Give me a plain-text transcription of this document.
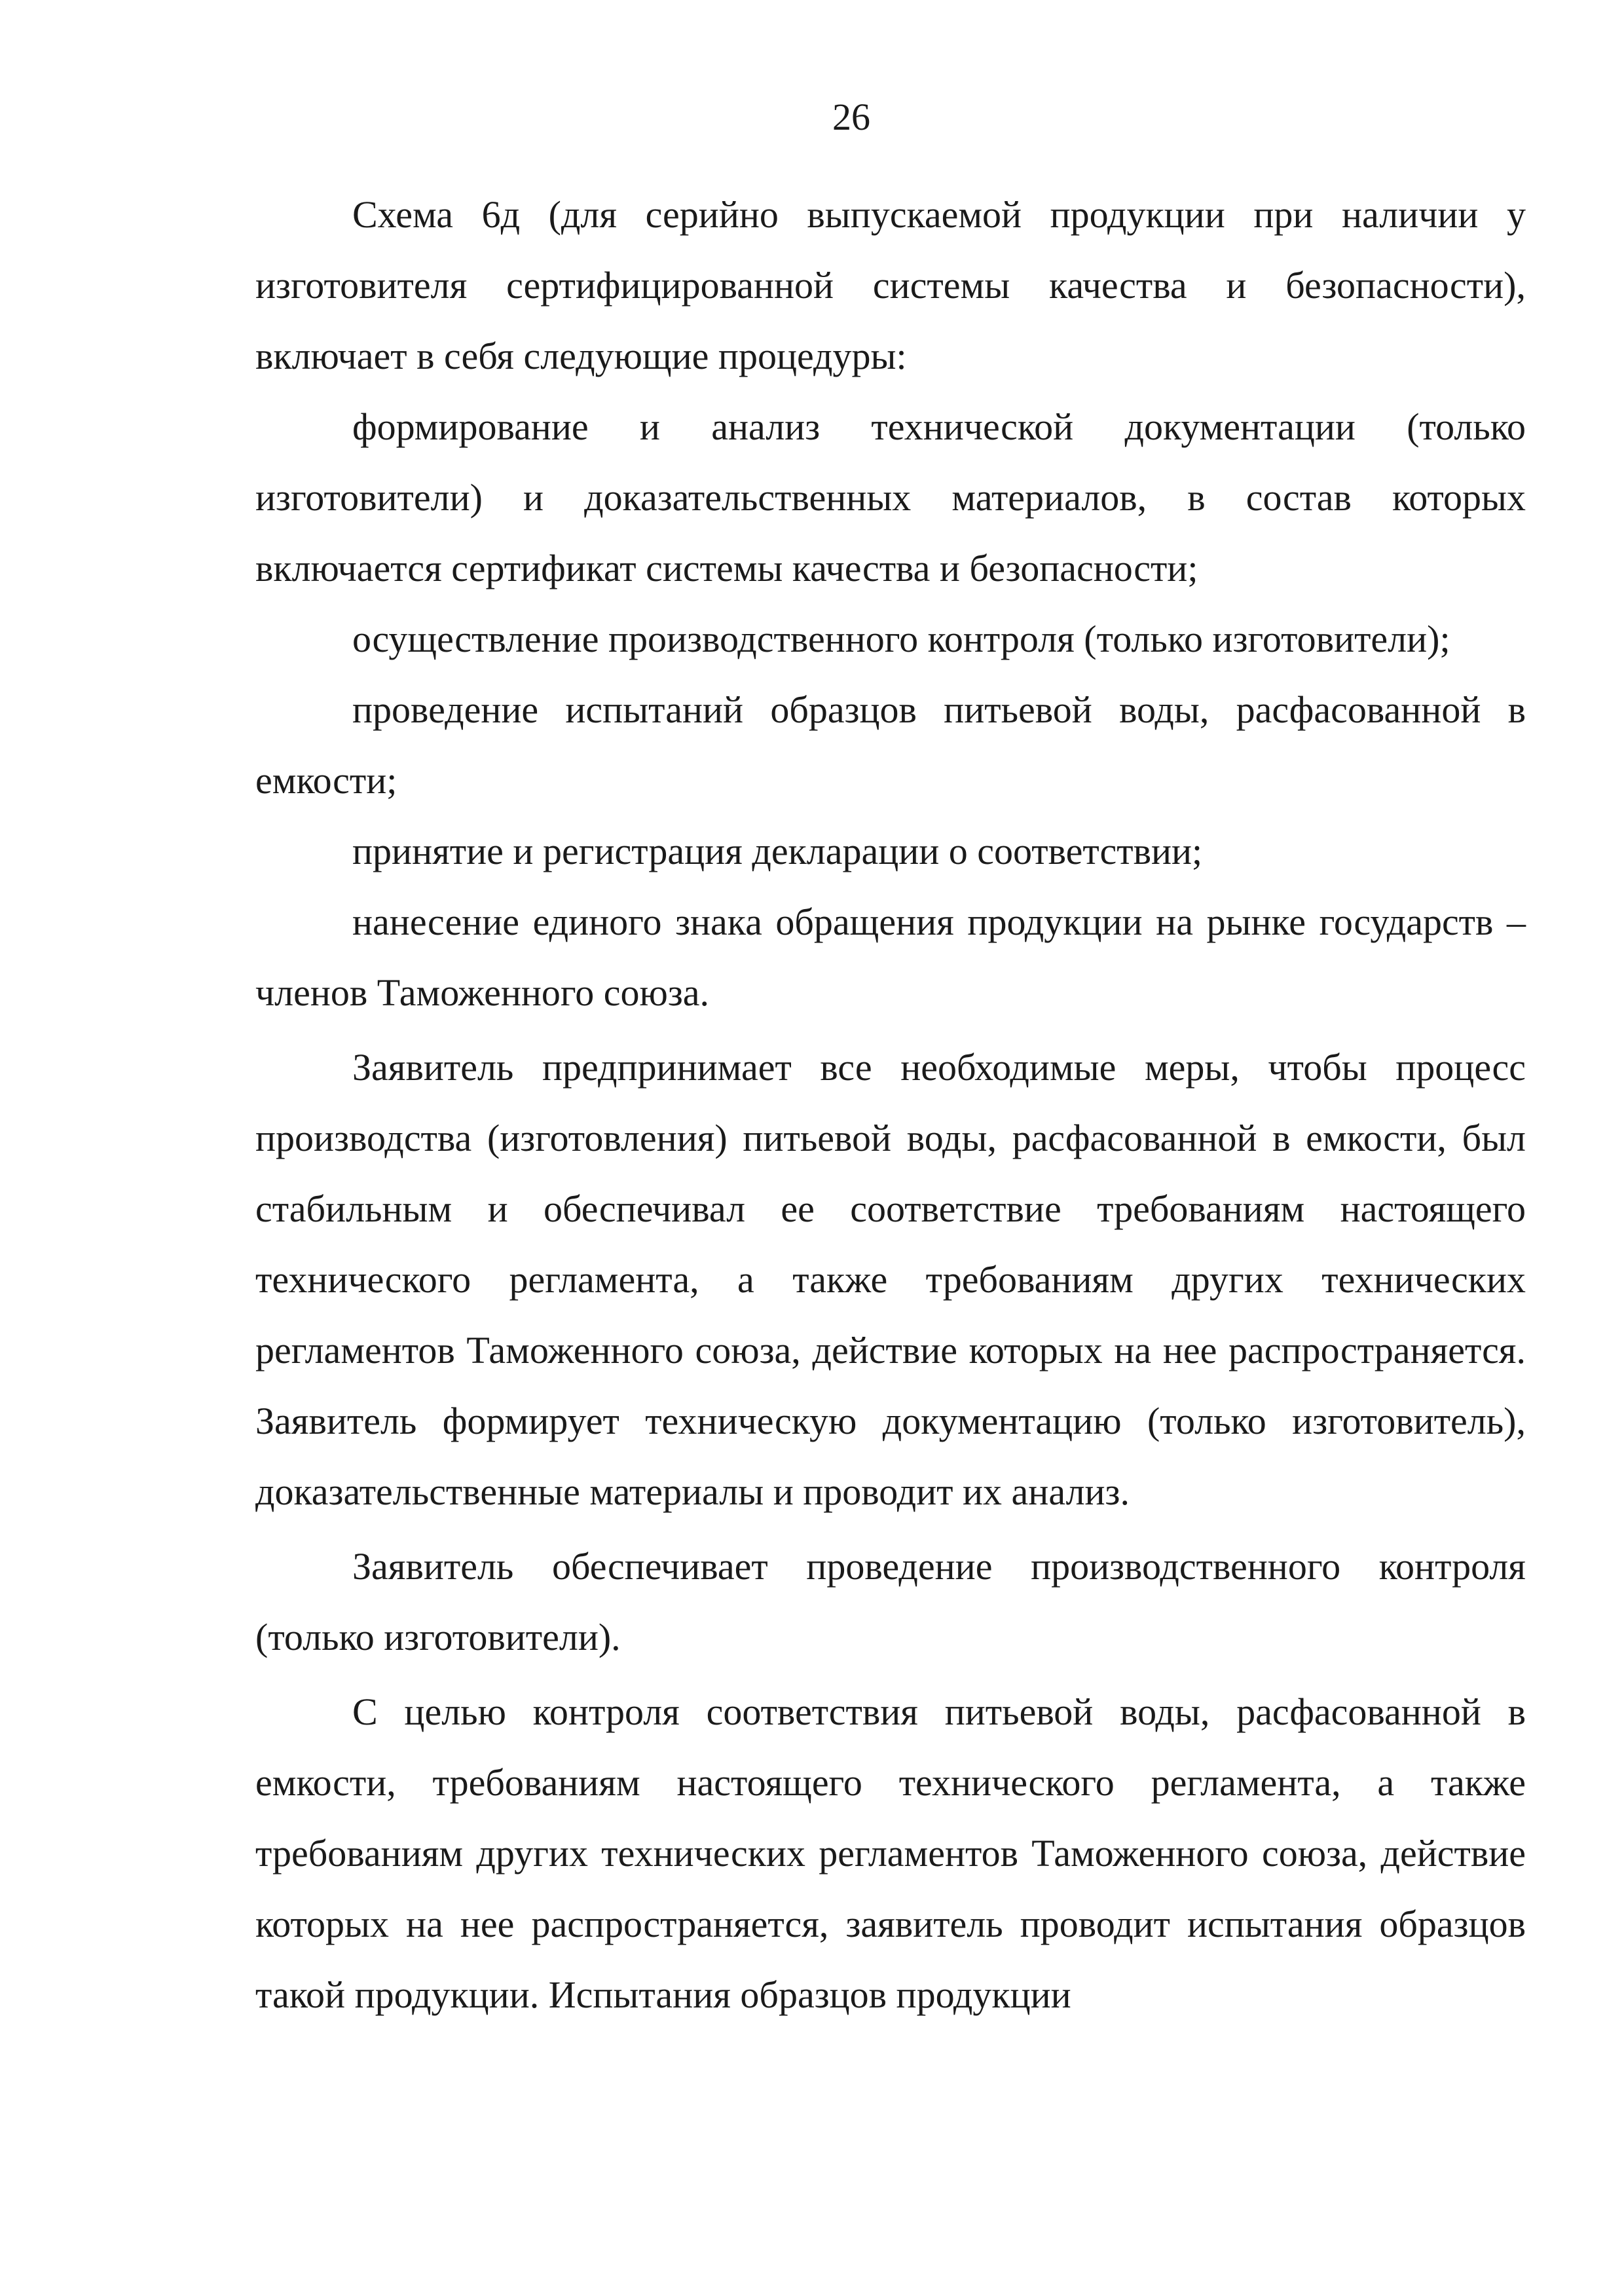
26

Схема 6д (для серийно выпускаемой продукции при наличии у изготовителя сертифицированной системы качества и безопасности), включает в себя следующие процедуры:

формирование и анализ технической документации (только изготовители) и доказательственных материалов, в состав которых включается сертификат системы качества и безопасности;

осуществление производственного контроля (только изготовители);

проведение испытаний образцов питьевой воды, расфасованной в емкости;

принятие и регистрация декларации о соответствии;

нанесение единого знака обращения продукции на рынке государств – членов Таможенного союза.

Заявитель предпринимает все необходимые меры, чтобы процесс производства (изготовления) питьевой воды, расфасованной в емкости, был стабильным и обеспечивал ее соответствие требованиям настоящего технического регламента, а также требованиям других технических регламентов Таможенного союза, действие которых на нее распространяется. Заявитель формирует техническую документацию (только изготовитель), доказательственные материалы и проводит их анализ.

Заявитель обеспечивает проведение производственного контроля (только изготовители).

С целью контроля соответствия питьевой воды, расфасованной в емкости, требованиям настоящего технического регламента, а также требованиям других технических регламентов Таможенного союза, действие которых на нее распространяется, заявитель проводит испытания образцов такой продукции. Испытания образцов продукции
